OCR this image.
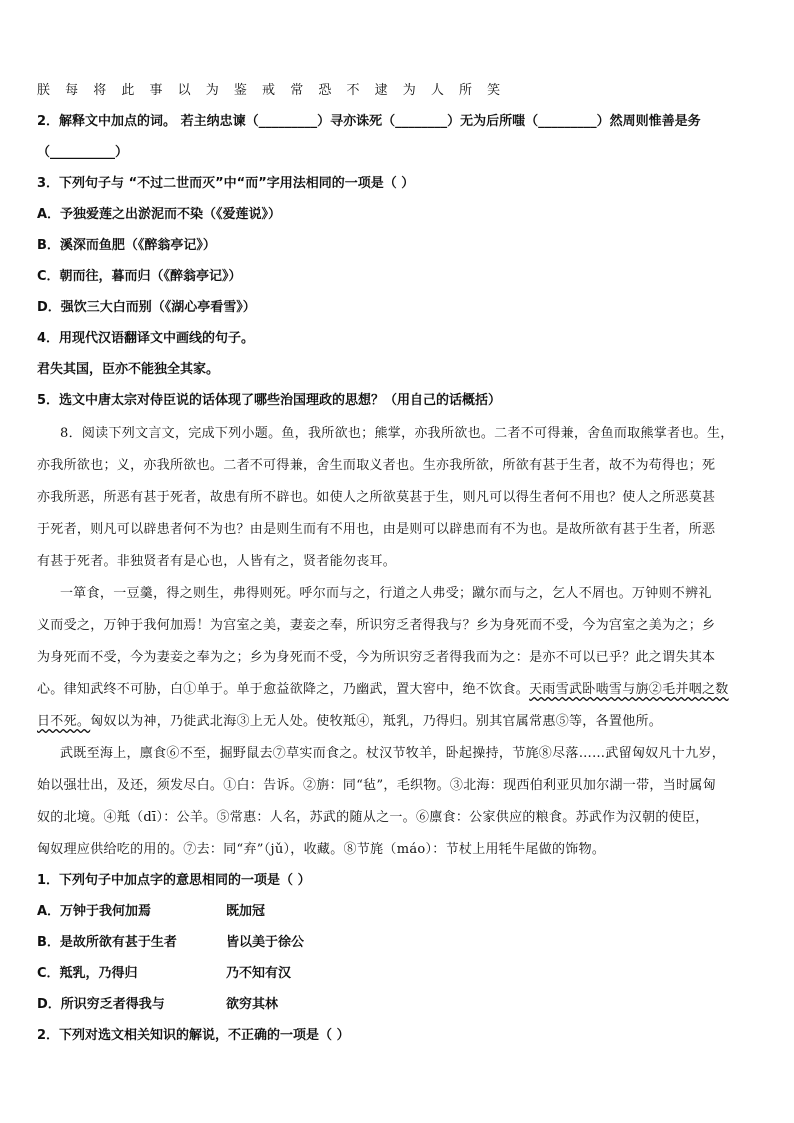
朕 每 将 此 事 以 为 鉴 戒 常 恐 不 逮 为 人 所 笑
2．解释文中加点的词。 若主纳忠谏（_________）寻亦诛死（________）无为后所嗤（_________）然周则惟善是务
（__________）
3．下列句子与 “不过二世而灭”中“而”字用法相同的一项是（ ）
A．予独爱莲之出淤泥而不染（《爱莲说》）
B．溪深而鱼肥（《醉翁亭记》）
C．朝而往，暮而归（《醉翁亭记》）
D．强饮三大白而别（《湖心亭看雪》）
4．用现代汉语翻译文中画线的句子。
君失其国，臣亦不能独全其家。
5．选文中唐太宗对侍臣说的话体现了哪些治国理政的思想？（用自己的话概括）
8．阅读下列文言文，完成下列小题。鱼，我所欲也；熊掌，亦我所欲也。二者不可得兼，舍鱼而取熊掌者也。生，
亦我所欲也；义，亦我所欲也。二者不可得兼，舍生而取义者也。生亦我所欲，所欲有甚于生者，故不为苟得也；死
亦我所恶，所恶有甚于死者，故患有所不辟也。如使人之所欲莫甚于生，则凡可以得生者何不用也？使人之所恶莫甚
于死者，则凡可以辟患者何不为也？由是则生而有不用也，由是则可以辟患而有不为也。是故所欲有甚于生者，所恶
有甚于死者。非独贤者有是心也，人皆有之，贤者能勿丧耳。
一箪食，一豆羹，得之则生，弗得则死。呼尔而与之，行道之人弗受；蹴尔而与之，乞人不屑也。万钟则不辨礼
义而受之，万钟于我何加焉！为宫室之美，妻妾之奉，所识穷乏者得我与？乡为身死而不受，今为宫室之美为之；乡
为身死而不受，今为妻妾之奉为之；乡为身死而不受，今为所识穷乏者得我而为之：是亦不可以已乎？此之谓失其本
心。律知武终不可胁，白①单于。单于愈益欲降之，乃幽武，置大窖中，绝不饮食。天雨雪武卧啮雪与旃②毛并咽之数
日不死。匈奴以为神，乃徙武北海③上无人处。使牧羝④，羝乳，乃得归。别其官属常惠⑤等，各置他所。
武既至海上，廪食⑥不至，掘野鼠去⑦草实而食之。杖汉节牧羊，卧起操持，节旄⑧尽落……武留匈奴凡十九岁，
始以强壮出，及还，须发尽白。①白：告诉。②旃：同“毡”，毛织物。③北海：现西伯利亚贝加尔湖一带，当时属匈
奴的北境。④羝（dī）：公羊。⑤常惠：人名，苏武的随从之一。⑥廪食：公家供应的粮食。苏武作为汉朝的使臣，
匈奴理应供给吃的用的。⑦去：同“弃”（jǔ），收藏。⑧节旄（máo）：节杖上用牦牛尾做的饰物。
1．下列句子中加点字的意思相同的一项是（ ）
A．万钟于我何加焉	既加冠
B．是故所欲有甚于生者	皆以美于徐公
C．羝乳，乃得归	乃不知有汉
D．所识穷乏者得我与	欲穷其林
2．下列对选文相关知识的解说，不正确的一项是（ ）
